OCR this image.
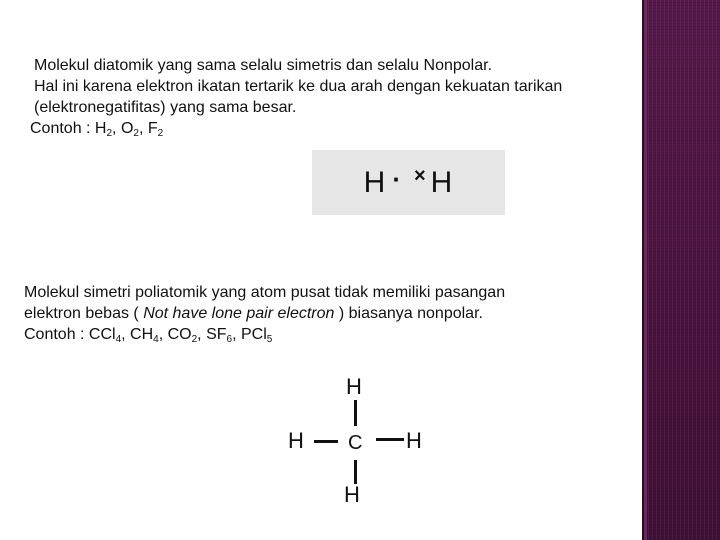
Molekul diatomik yang sama selalu simetris dan selalu Nonpolar.
Hal ini karena elektron ikatan tertarik ke dua arah dengan kekuatan tarikan
(elektronegatifitas) yang sama besar.
Contoh : $H_2$, $O_2$, $F_2$
H · × H
Molekul simetri poliatomik yang atom pusat tidak memiliki pasangan
elektron bebas ( Not have lone pair electron ) biasanya nonpolar.
Contoh : CCl$_4$, $CH_4$, $CO_2$, $SF_6$, PCl$_5$
H
H C H
H
